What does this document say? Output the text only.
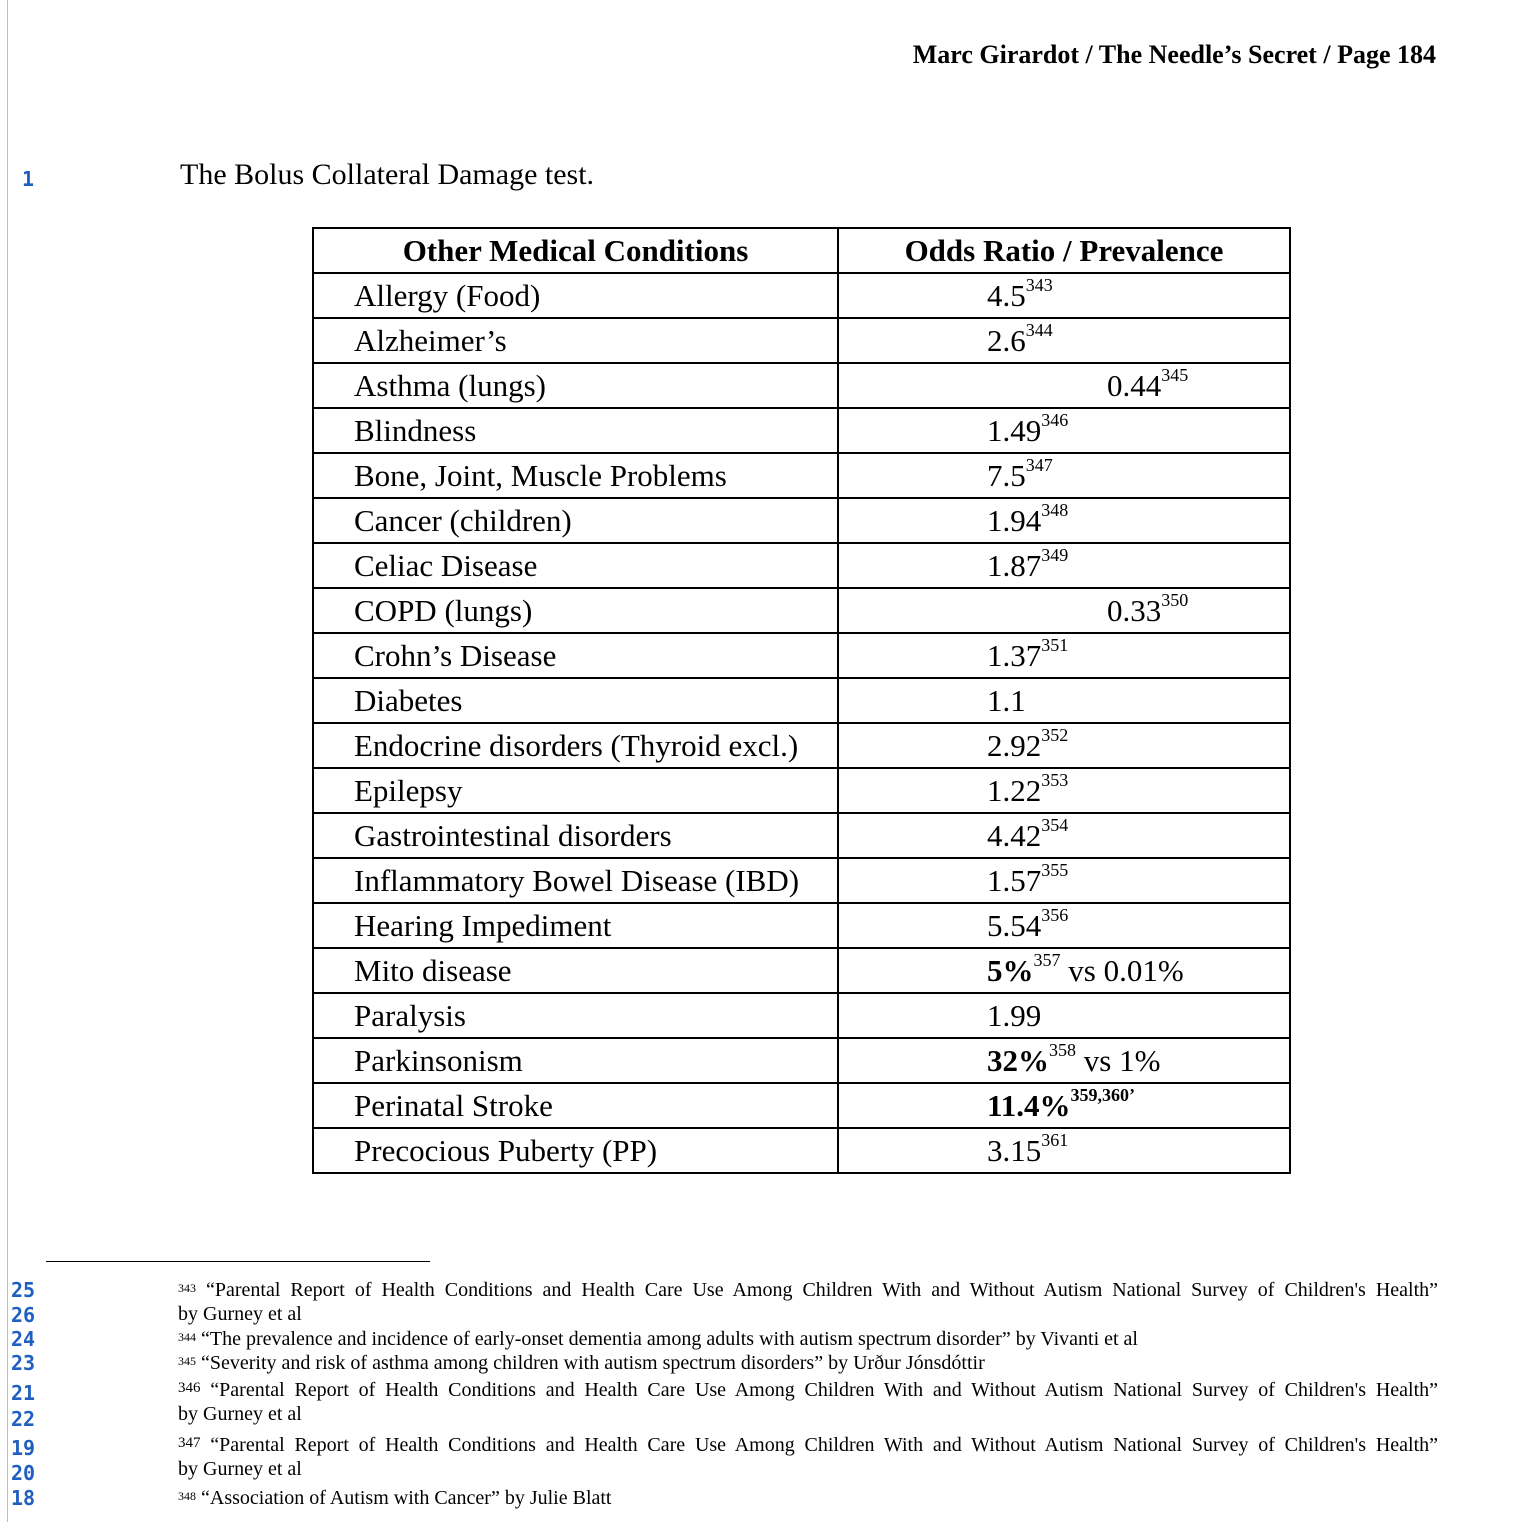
Marc Girardot / The Needle’s Secret / Page 184
1	The Bolus Collateral Damage test.
Other Medical Conditions	Odds Ratio / Prevalence
Allergy (Food)	$4.5^{343}$
Alzheimer’s	$2.6^{344}$
Asthma (lungs)	0.44$^{345}$
Blindness	1.49$^{346}$
Bone, Joint, Muscle Problems	$7.5^{347}$
Cancer (children)	1.94$^{348}$
Celiac Disease	1.87$^{349}$
COPD (lungs)	0.33$^{350}$
Crohn’s Disease	1.37$^{351}$
Diabetes	1.1
Endocrine disorders (Thyroid excl.)	2.92$^{352}$
Epilepsy	1.22$^{353}$
Gastrointestinal disorders	4.42$^{354}$
Inflammatory Bowel Disease (IBD)	1.57$^{355}$
Hearing Impediment	5.54$^{356}$
Mito disease	5%$^{357}$ vs 0.01%
Paralysis	1.99
Parkinsonism	32%$^{358}$ vs 1%
Perinatal Stroke	11.4%$^{359,360’}$
Precocious Puberty (PP)	3.15$^{361}$
25
26
24
23
21
22
19
20
18
$^{343}$ “Parental Report of Health Conditions and Health Care Use Among Children With and Without Autism National Survey of Children's Health”
by Gurney et al
$^{344}$ “The prevalence and incidence of early-onset dementia among adults with autism spectrum disorder” by Vivanti et al
$^{345}$ “Severity and risk of asthma among children with autism spectrum disorders” by Urður Jónsdóttir
$^{346}$ “Parental Report of Health Conditions and Health Care Use Among Children With and Without Autism National Survey of Children's Health”
by Gurney et al
$^{347}$ “Parental Report of Health Conditions and Health Care Use Among Children With and Without Autism National Survey of Children's Health”
by Gurney et al
$^{348}$ “Association of Autism with Cancer” by Julie Blatt
